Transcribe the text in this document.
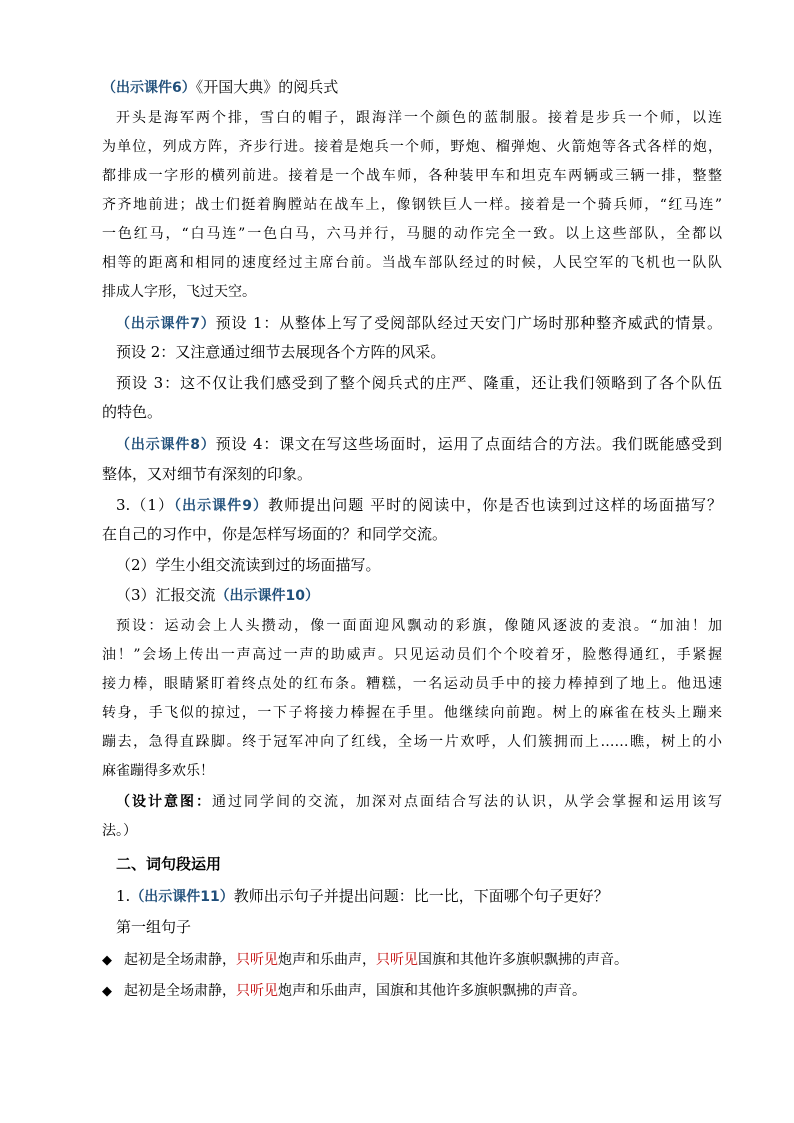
（出示课件6）《开国大典》的阅兵式
开头是海军两个排，雪白的帽子，跟海洋一个颜色的蓝制服。接着是步兵一个师，以连
为单位，列成方阵，齐步行进。接着是炮兵一个师，野炮、榴弹炮、火箭炮等各式各样的炮，
都排成一字形的横列前进。接着是一个战车师，各种装甲车和坦克车两辆或三辆一排，整整
齐齐地前进；战士们挺着胸膛站在战车上，像钢铁巨人一样。接着是一个骑兵师，“红马连”
一色红马，“白马连”一色白马，六马并行，马腿的动作完全一致。以上这些部队，全都以
相等的距离和相同的速度经过主席台前。当战车部队经过的时候，人民空军的飞机也一队队
排成人字形，飞过天空。
（出示课件7）预设 1：从整体上写了受阅部队经过天安门广场时那种整齐威武的情景。
预设 2：又注意通过细节去展现各个方阵的风采。
预设 3：这不仅让我们感受到了整个阅兵式的庄严、隆重，还让我们领略到了各个队伍
的特色。
（出示课件8）预设 4：课文在写这些场面时，运用了点面结合的方法。我们既能感受到
整体，又对细节有深刻的印象。
3.（1）（出示课件9）教师提出问题 平时的阅读中，你是否也读到过这样的场面描写？
在自己的习作中，你是怎样写场面的？和同学交流。
（2）学生小组交流读到过的场面描写。
（3）汇报交流（出示课件10）
预设：运动会上人头攒动，像一面面迎风飘动的彩旗，像随风逐波的麦浪。“加油！加
油！”会场上传出一声高过一声的助威声。只见运动员们个个咬着牙，脸憋得通红，手紧握
接力棒，眼睛紧盯着终点处的红布条。糟糕，一名运动员手中的接力棒掉到了地上。他迅速
转身，手飞似的掠过，一下子将接力棒握在手里。他继续向前跑。树上的麻雀在枝头上蹦来
蹦去，急得直跺脚。终于冠军冲向了红线，全场一片欢呼，人们簇拥而上……瞧，树上的小
麻雀蹦得多欢乐！
（设计意图：通过同学间的交流，加深对点面结合写法的认识，从学会掌握和运用该写
法。）
二、词句段运用
1.（出示课件11）教师出示句子并提出问题：比一比，下面哪个句子更好？
第一组句子
◆ 起初是全场肃静，只听见炮声和乐曲声，只听见国旗和其他许多旗帜飘拂的声音。
◆ 起初是全场肃静，只听见炮声和乐曲声，国旗和其他许多旗帜飘拂的声音。
